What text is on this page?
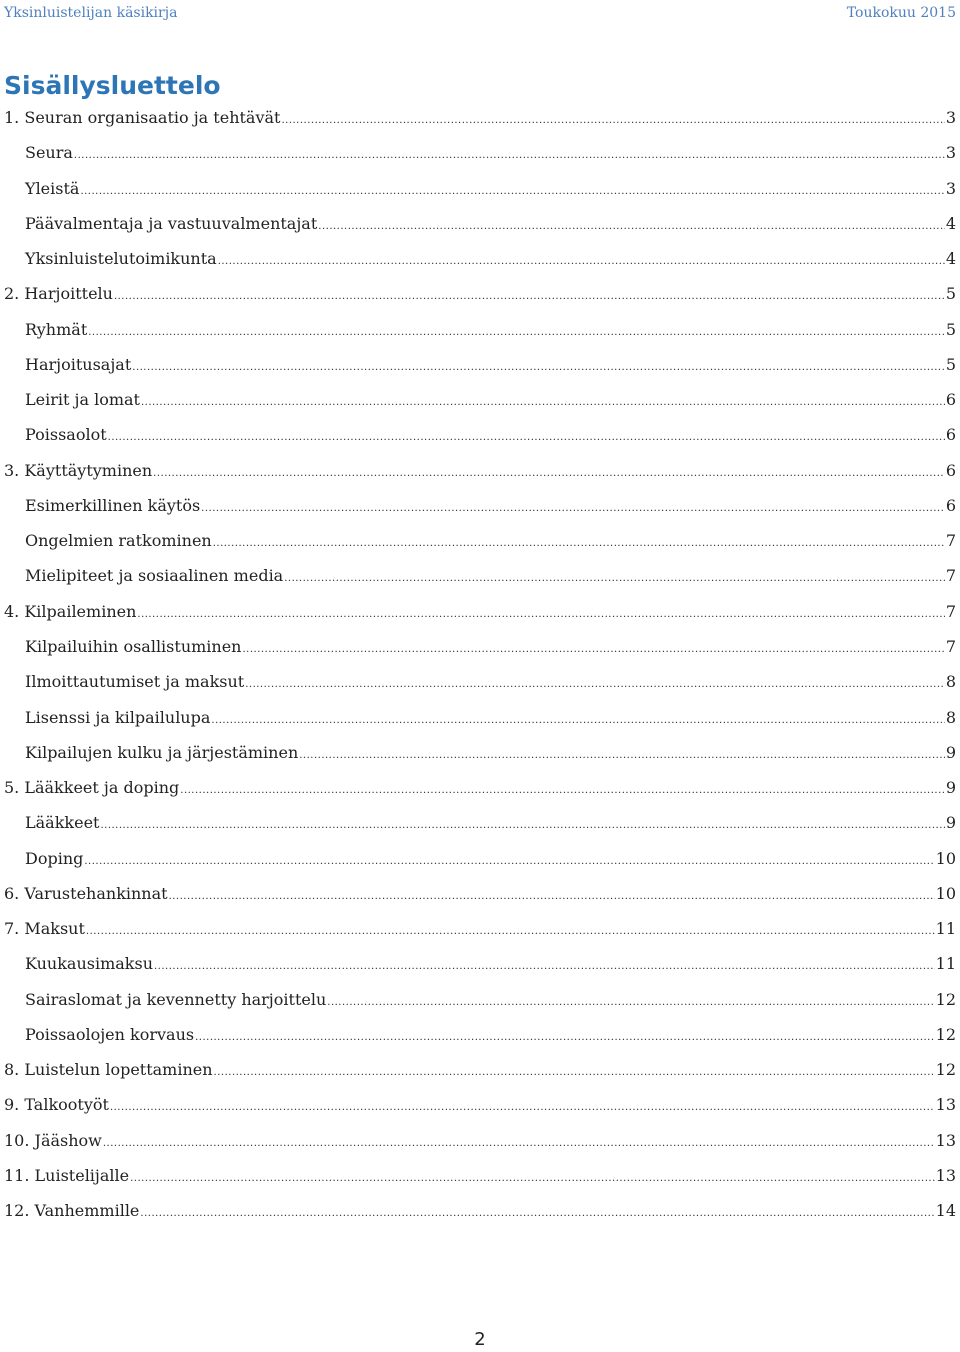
Yksinluistelijan käsikirja	Toukokuu 2015
Sisällysluettelo
1. Seuran organisaatio ja tehtävät .....	3
Seura .....	3
Yleistä .....	3
Päävalmentaja ja vastuuvalmentajat .....	4
Yksinluistelutoimikunta .....	4
2. Harjoittelu .....	5
Ryhmät .....	5
Harjoitusajat .....	5
Leirit ja lomat .....	6
Poissaolot .....	6
3. Käyttäytyminen .....	6
Esimerkillinen käytös .....	6
Ongelmien ratkominen .....	7
Mielipiteet ja sosiaalinen media .....	7
4. Kilpaileminen .....	7
Kilpailuihin osallistuminen .....	7
Ilmoittautumiset ja maksut .....	8
Lisenssi ja kilpailulupa .....	8
Kilpailujen kulku ja järjestäminen .....	9
5. Lääkkeet ja doping .....	9
Lääkkeet .....	9
Doping .....	10
6. Varustehankinnat .....	10
7. Maksut .....	11
Kuukausimaksu .....	11
Sairaslomat ja kevennetty harjoittelu .....	12
Poissaolojen korvaus .....	12
8. Luistelun lopettaminen .....	12
9. Talkootyöt .....	13
10. Jääshow .....	13
11. Luistelijalle .....	13
12. Vanhemmille .....	14
2
